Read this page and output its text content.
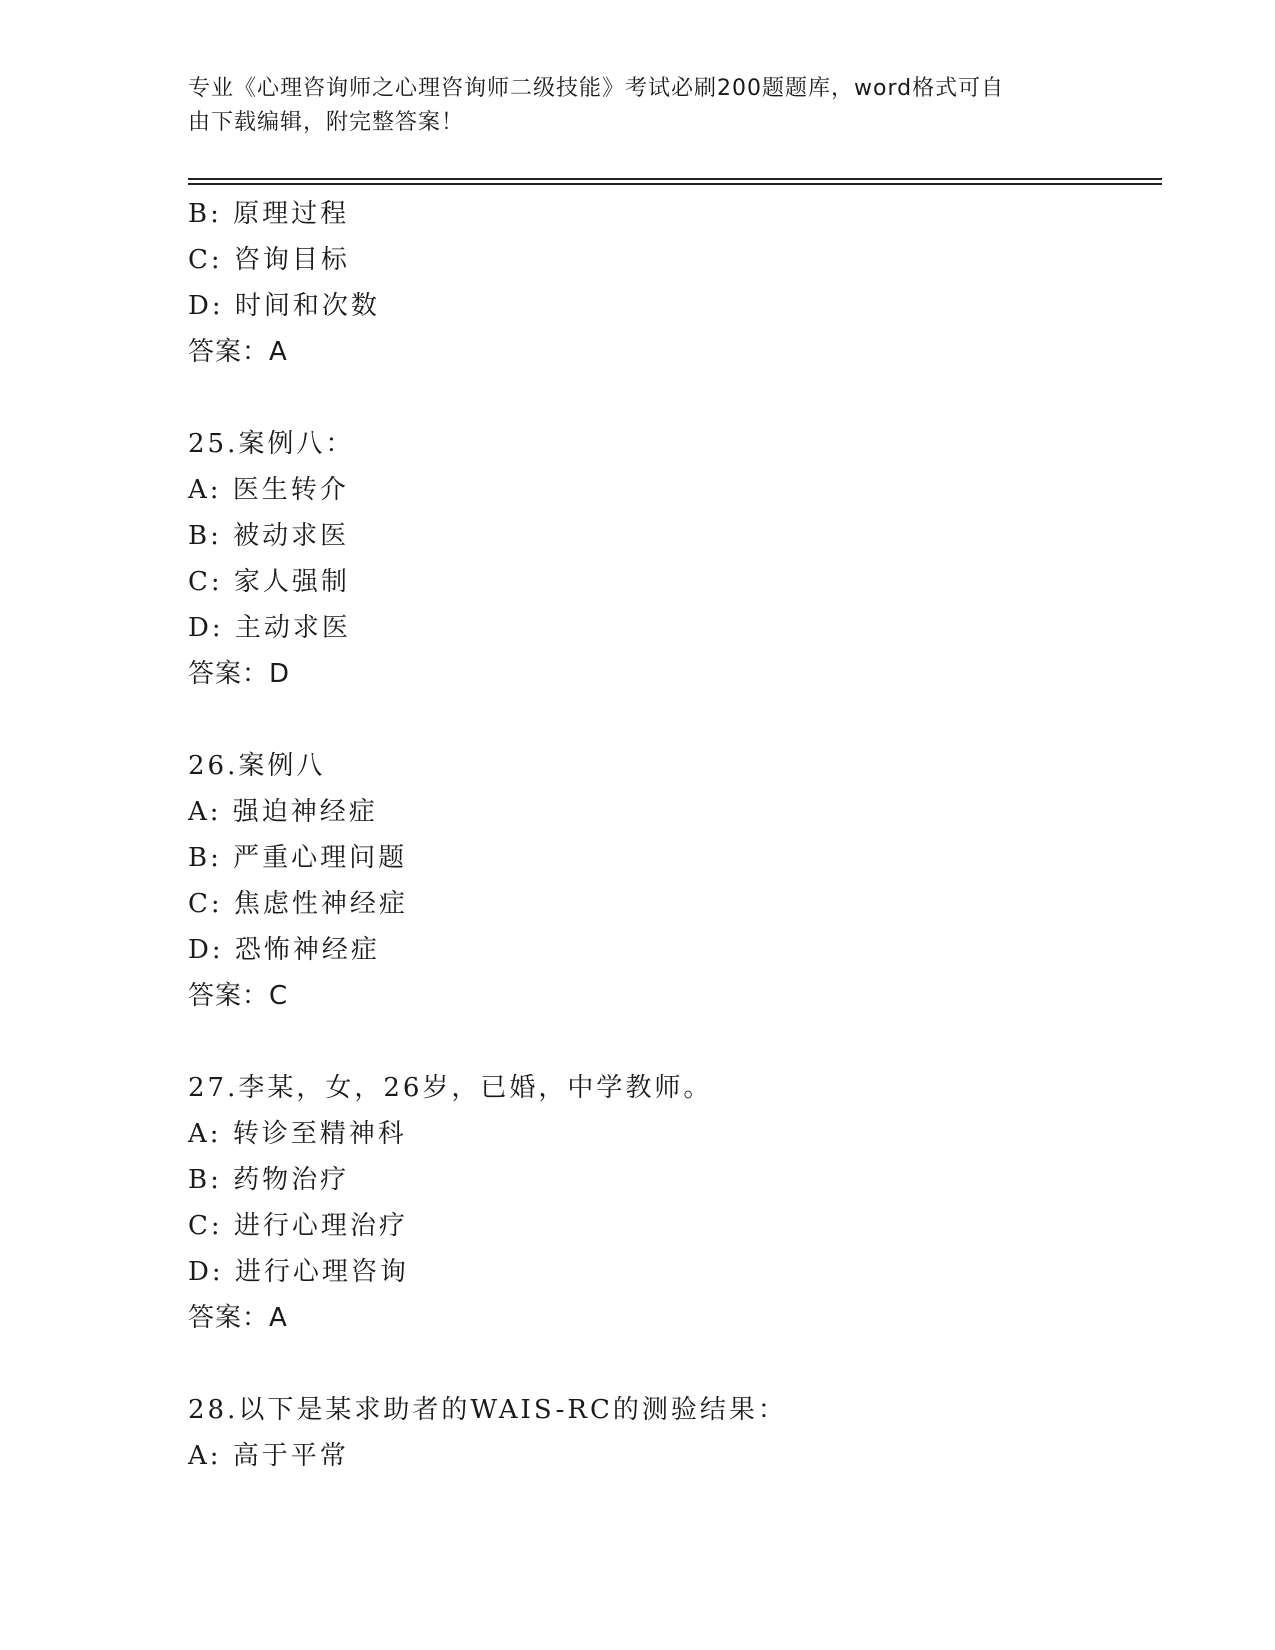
专业《心理咨询师之心理咨询师二级技能》考试必刷200题题库，word格式可自
由下载编辑，附完整答案！
B: 原理过程
C: 咨询目标
D: 时间和次数
答案：A
25.案例八：
A: 医生转介
B: 被动求医
C: 家人强制
D: 主动求医
答案：D
26.案例八
A: 强迫神经症
B: 严重心理问题
C: 焦虑性神经症
D: 恐怖神经症
答案：C
27.李某，女，26岁，已婚，中学教师。
A: 转诊至精神科
B: 药物治疗
C: 进行心理治疗
D: 进行心理咨询
答案：A
28.以下是某求助者的WAIS-RC的测验结果：
A: 高于平常
